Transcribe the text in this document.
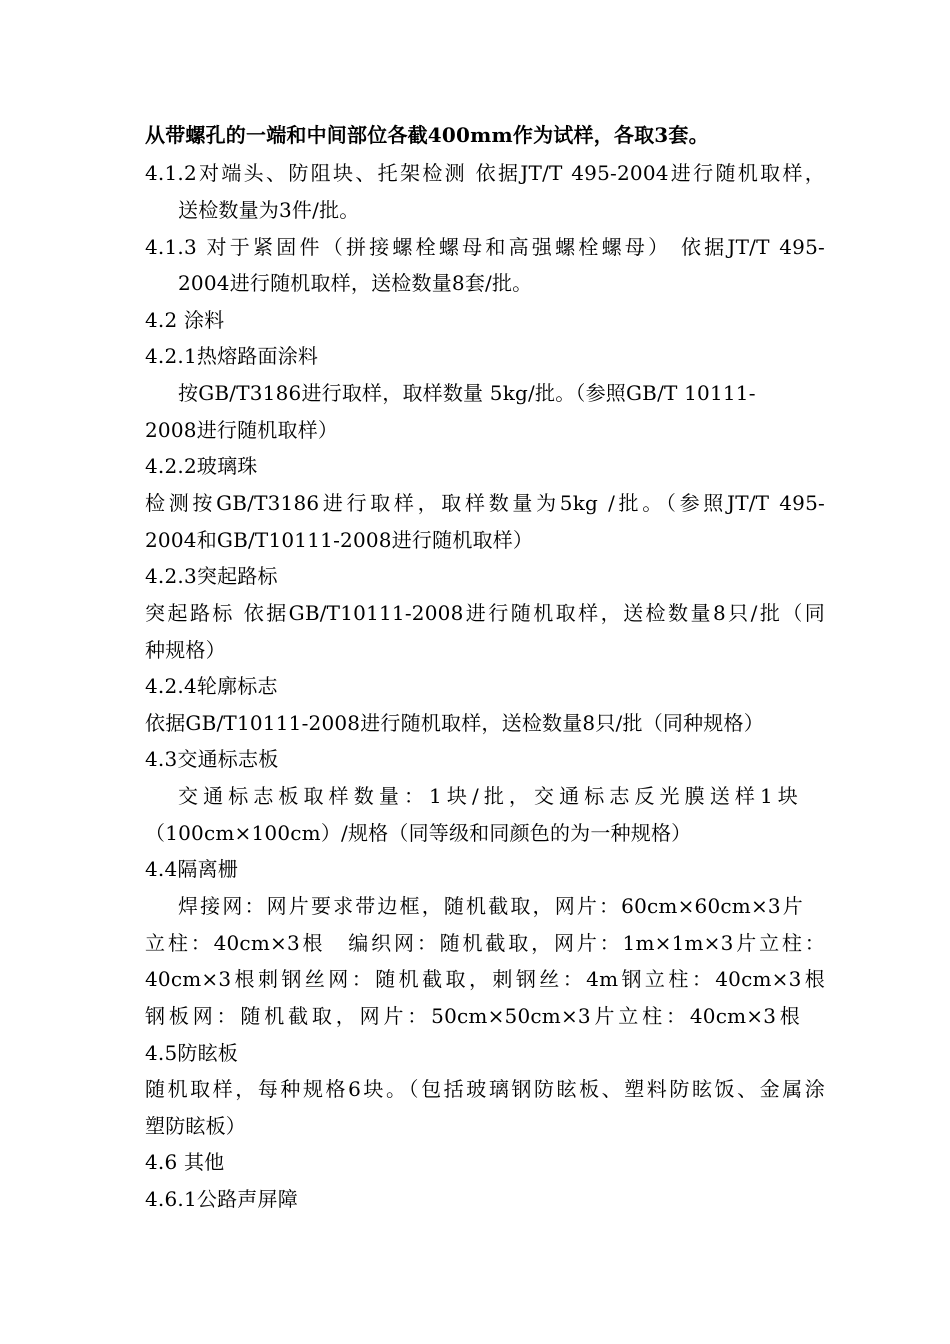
从带螺孔的一端和中间部位各截400mm作为试样，各取3套。
4.1.2对端头、防阻块、托架检测 依据JT/T 495-2004进行随机取样，
送检数量为3件/批。
4.1.3 对于紧固件（拼接螺栓螺母和高强螺栓螺母） 依据JT/T 495-
2004进行随机取样，送检数量8套/批。
4.2 涂料
4.2.1热熔路面涂料
按GB/T3186进行取样，取样数量 5kg/批。（参照GB/T 10111-
2008进行随机取样）
4.2.2玻璃珠
检测按GB/T3186进行取样，取样数量为5kg /批。（参照JT/T 495-
2004和GB/T10111-2008进行随机取样）
4.2.3突起路标
突起路标 依据GB/T10111-2008进行随机取样，送检数量8只/批（同
种规格）
4.2.4轮廓标志
依据GB/T10111-2008进行随机取样，送检数量8只/批（同种规格）
4.3交通标志板
交通标志板取样数量：1块/批，交通标志反光膜送样1块
（100cm×100cm）/规格（同等级和同颜色的为一种规格）
4.4隔离栅
焊接网：网片要求带边框，随机截取，网片：60cm×60cm×3片
立柱：40cm×3根　编织网：随机截取，网片：1m×1m×3片立柱：
40cm×3根刺钢丝网：随机截取，刺钢丝：4m钢立柱：40cm×3根
钢板网：随机截取，网片：50cm×50cm×3片立柱：40cm×3根
4.5防眩板
随机取样，每种规格6块。（包括玻璃钢防眩板、塑料防眩饭、金属涂
塑防眩板）
4.6 其他
4.6.1公路声屏障
